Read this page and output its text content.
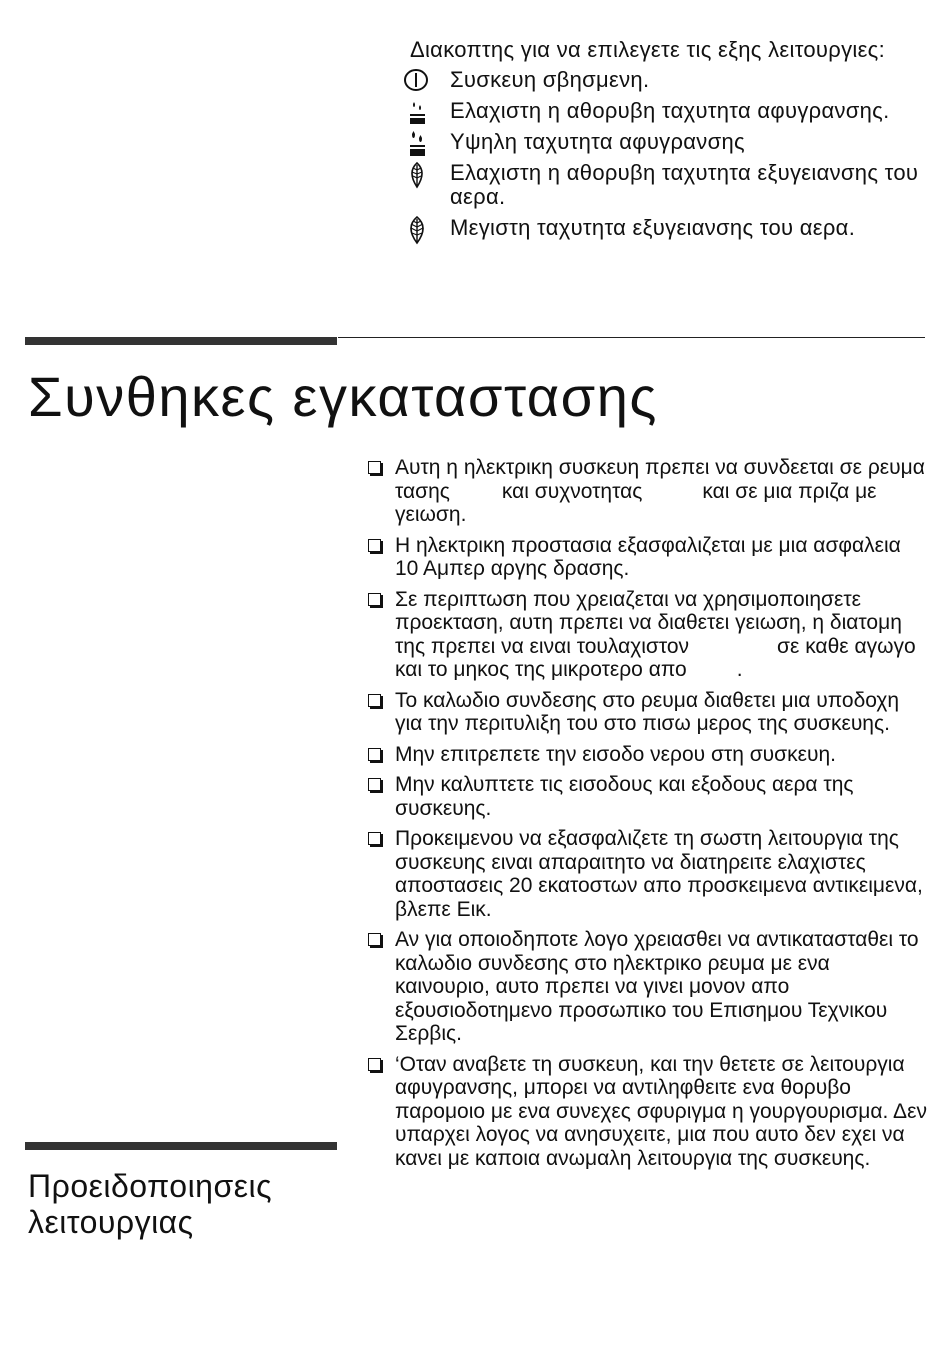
Διακοπτης για να επιλεγετε τις εξης λειτουργιες:

Συσκευη σβησμενη.
Ελαχιστη η αθορυβη ταχυτητα αφυγρανσης.
Υψηλη ταχυτητα αφυγρανσης
Ελαχιστη η αθορυβη ταχυτητα εξυγειανσης του αερα.
Μεγιστη ταχυτητα εξυγειανσης του αερα.
Συνθηκες εγκαταστασης
Αυτη η ηλεκτρικη συσκευη πρεπει να συνδεεται σε ρευμα τασης και συχνοτητας	και σε μια πριζα με γειωση.
Η ηλεκτρικη προστασια εξασφαλιζεται με μια ασφαλεια 10 Αμπερ αργης δρασης.
Σε περιπτωση που χρειαζεται να χρησιμοποιησετε προεκταση, αυτη πρεπει να διαθετει γειωση, η διατομη της πρεπει να ειναι τουλαχιστον	σε καθε αγωγο και το μηκος της μικροτερο απο .
Το καλωδιο συνδεσης στο ρευμα διαθετει μια υποδοχη για την περιτυλιξη του στο πισω μερος της συσκευης.
Μην επιτρεπετε την εισοδο νερου στη συσκευη.
Μην καλυπτετε τις εισοδους και εξοδους αερα της συσκευης.
Προκειμενου να εξασφαλιζετε τη σωστη λειτουργια της συσκευης ειναι απαραιτητο να διατηρειτε ελαχιστες αποστασεις 20 εκατοστων απο προσκειμενα αντικειμενα, βλεπε Εικ.
Αν για οποιοδηποτε λογο χρειασθει να αντικατασταθει το καλωδιο συνδεσης στο ηλεκτρικο ρευμα με ενα καινουριο, αυτο πρεπει να γινει μονον απο εξουσιοδοτημενο προσωπικο του Επισημου Τεχνικου Σερβις.
‘Οταν αναβετε τη συσκευη, και την θετετε σε λειτουργια αφυγρανσης, μπορει να αντιληφθειτε ενα θορυβο παρομοιο με ενα συνεχες σφυριγμα η γουργουρισμα. Δεν υπαρχει λογος να ανησυχειτε, μια που αυτο δεν εχει να κανει με καποια ανωμαλη λειτουργια της συσκευης.
Προειδοποιησεις λειτουργιας
